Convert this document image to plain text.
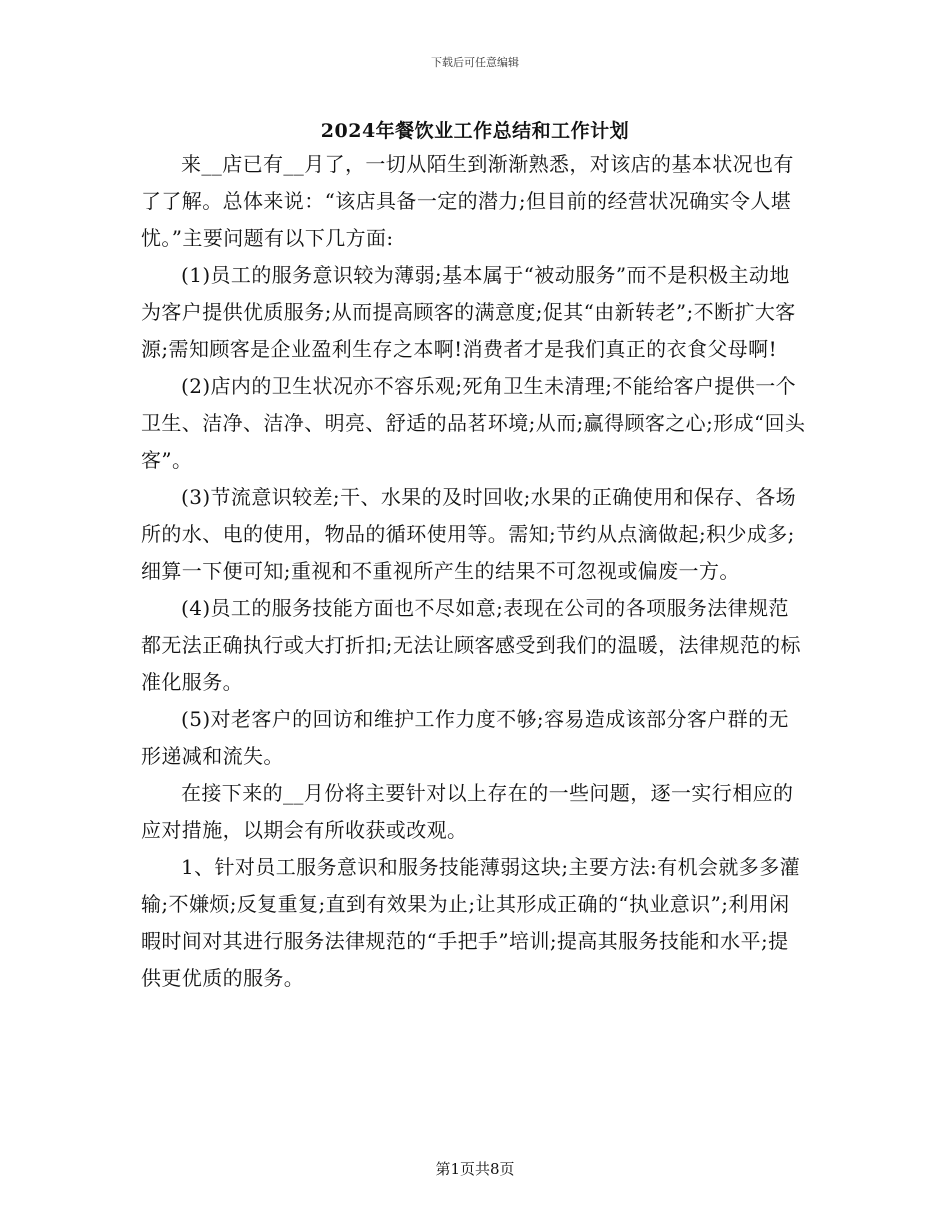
下载后可任意编辑
2024年餐饮业工作总结和工作计划

来__店已有__月了，一切从陌生到渐渐熟悉，对该店的基本状况也有了了解。总体来说：“该店具备一定的潜力;但目前的经营状况确实令人堪忧。”主要问题有以下几方面:

(1)员工的服务意识较为薄弱;基本属于“被动服务”而不是积极主动地为客户提供优质服务;从而提高顾客的满意度;促其“由新转老”;不断扩大客源;需知顾客是企业盈利生存之本啊!消费者才是我们真正的衣食父母啊!

(2)店内的卫生状况亦不容乐观;死角卫生未清理;不能给客户提供一个卫生、洁净、洁净、明亮、舒适的品茗环境;从而;赢得顾客之心;形成“回头客”。

(3)节流意识较差;干、水果的及时回收;水果的正确使用和保存、各场所的水、电的使用，物品的循环使用等。需知;节约从点滴做起;积少成多;细算一下便可知;重视和不重视所产生的结果不可忽视或偏废一方。

(4)员工的服务技能方面也不尽如意;表现在公司的各项服务法律规范都无法正确执行或大打折扣;无法让顾客感受到我们的温暖，法律规范的标准化服务。

(5)对老客户的回访和维护工作力度不够;容易造成该部分客户群的无形递减和流失。

在接下来的__月份将主要针对以上存在的一些问题，逐一实行相应的应对措施，以期会有所收获或改观。

1、针对员工服务意识和服务技能薄弱这块;主要方法:有机会就多多灌输;不嫌烦;反复重复;直到有效果为止;让其形成正确的“执业意识”;利用闲暇时间对其进行服务法律规范的“手把手”培训;提高其服务技能和水平;提供更优质的服务。

第1页共8页
